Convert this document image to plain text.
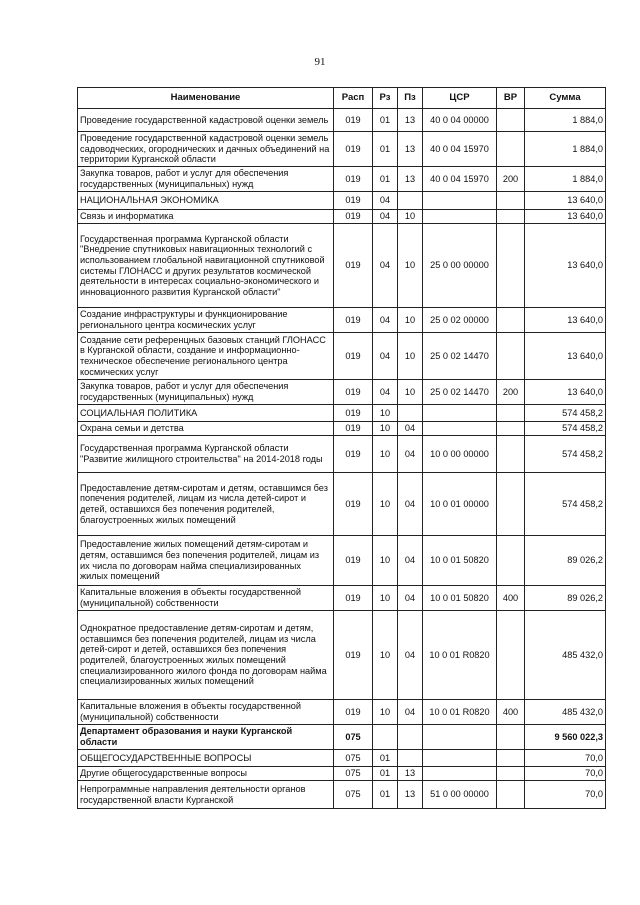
91
Наименование	Расп	Рз	Пз	ЦСР	ВР	Сумма
Проведение государственной кадастровой оценки земель	019	01	13	40 0 04 00000		1 884,0
Проведение государственной кадастровой оценки земель садоводческих, огороднических и дачных объединений на территории Курганской области	019	01	13	40 0 04 15970		1 884,0
Закупка товаров, работ и услуг для обеспечения государственных (муниципальных) нужд	019	01	13	40 0 04 15970	200	1 884,0
НАЦИОНАЛЬНАЯ ЭКОНОМИКА	019	04				13 640,0
Связь и информатика	019	04	10			13 640,0
Государственная программа Курганской области "Внедрение спутниковых навигационных технологий с использованием глобальной навигационной спутниковой системы ГЛОНАСС и других результатов космической деятельности в интересах социально-экономического и инновационного развития Курганской области"	019	04	10	25 0 00 00000		13 640,0
Создание инфраструктуры и функционирование регионального центра космических услуг	019	04	10	25 0 02 00000		13 640,0
Создание сети референцных базовых станций ГЛОНАСС в Курганской области, создание и информационно-техническое обеспечение регионального центра космических услуг	019	04	10	25 0 02 14470		13 640,0
Закупка товаров, работ и услуг для обеспечения государственных (муниципальных) нужд	019	04	10	25 0 02 14470	200	13 640,0
СОЦИАЛЬНАЯ ПОЛИТИКА	019	10				574 458,2
Охрана семьи и детства	019	10	04			574 458,2
Государственная программа Курганской области "Развитие жилищного строительства" на 2014-2018 годы	019	10	04	10 0 00 00000		574 458,2
Предоставление детям-сиротам и детям, оставшимся без попечения родителей, лицам из числа детей-сирот и детей, оставшихся без попечения родителей, благоустроенных жилых помещений	019	10	04	10 0 01 00000		574 458,2
Предоставление жилых помещений детям-сиротам и детям, оставшимся без попечения родителей, лицам из их числа по договорам найма специализированных жилых помещений	019	10	04	10 0 01 50820		89 026,2
Капитальные вложения в объекты государственной (муниципальной) собственности	019	10	04	10 0 01 50820	400	89 026,2
Однократное предоставление детям-сиротам и детям, оставшимся без попечения родителей, лицам из числа детей-сирот и детей, оставшихся без попечения родителей, благоустроенных жилых помещений специализированного жилого фонда по договорам найма специализированных жилых помещений	019	10	04	10 0 01 R0820		485 432,0
Капитальные вложения в объекты государственной (муниципальной) собственности	019	10	04	10 0 01 R0820	400	485 432,0
Департамент образования и науки Курганской области	075					9 560 022,3
ОБЩЕГОСУДАРСТВЕННЫЕ ВОПРОСЫ	075	01				70,0
Другие общегосударственные вопросы	075	01	13			70,0
Непрограммные направления деятельности органов государственной власти Курганской	075	01	13	51 0 00 00000		70,0
